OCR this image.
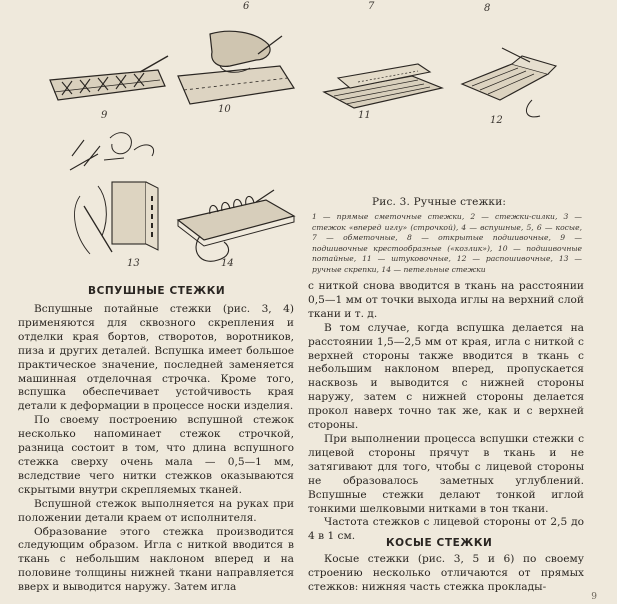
6	7	8
9
10
11	12
13	14
Рис. 3. Ручные стежки:
1 — прямые сметочные стежки, 2 — стежки-силки, 3 — стежок «вперед иглу» (строчкой), 4 — вспушные, 5, 6 — косые, 7 — обметочные, 8 — открытые подшивочные, 9 — подшивочные крестообразные («козлик»), 10 — подшивочные потайные, 11 — штуковочные, 12 — распошивочные, 13 — ручные скрепки, 14 — петельные стежки
ВСПУШНЫЕ СТЕЖКИ

Вспушные потайные стежки (рис. 3, 4) применяются для сквозного скрепления и отделки края бортов, створотов, воротников, пиза и других деталей. Вспушка имеет большое практическое значение, последней заменяется машинная отделочная строчка. Кроме того, вспушка обеспечивает устойчивость края детали к деформации в процессе носки изделия.

По своему построению вспушной стежок несколько напоминает стежок строчкой, разница состоит в том, что длина вспушного стежка сверху очень мала — 0,5—1 мм, вследствие чего нитки стежков оказываются скрытыми внутри скрепляемых тканей.

Вспушной стежок выполняется на руках при положении детали краем от исполнителя.

Образование этого стежка производится следующим образом. Игла с ниткой вводится в ткань с небольшим наклоном вперед и на половине толщины нижней ткани направляется вверх и выводится наружу. Затем игла

с ниткой снова вводится в ткань на расстоянии 0,5—1 мм от точки выхода иглы на верхний слой ткани и т. д.

В том случае, когда вспушка делается на расстоянии 1,5—2,5 мм от края, игла с ниткой с верхней стороны также вводится в ткань с небольшим наклоном вперед, пропускается насквозь и выводится с нижней стороны наружу, затем с нижней стороны делается прокол наверх точно так же, как и с верхней стороны.

При выполнении процесса вспушки стежки с лицевой стороны прячут в ткань и не затягивают для того, чтобы с лицевой стороны не образовалось заметных углублений. Вспушные стежки делают тонкой иглой тонкими шелковыми нитками в тон ткани.

Частота стежков с лицевой стороны от 2,5 до 4 в 1 см.

КОСЫЕ СТЕЖКИ

Косые стежки (рис. 3, 5 и 6) по своему строению несколько отличаются от прямых стежков: нижняя часть стежка проклады-

9
